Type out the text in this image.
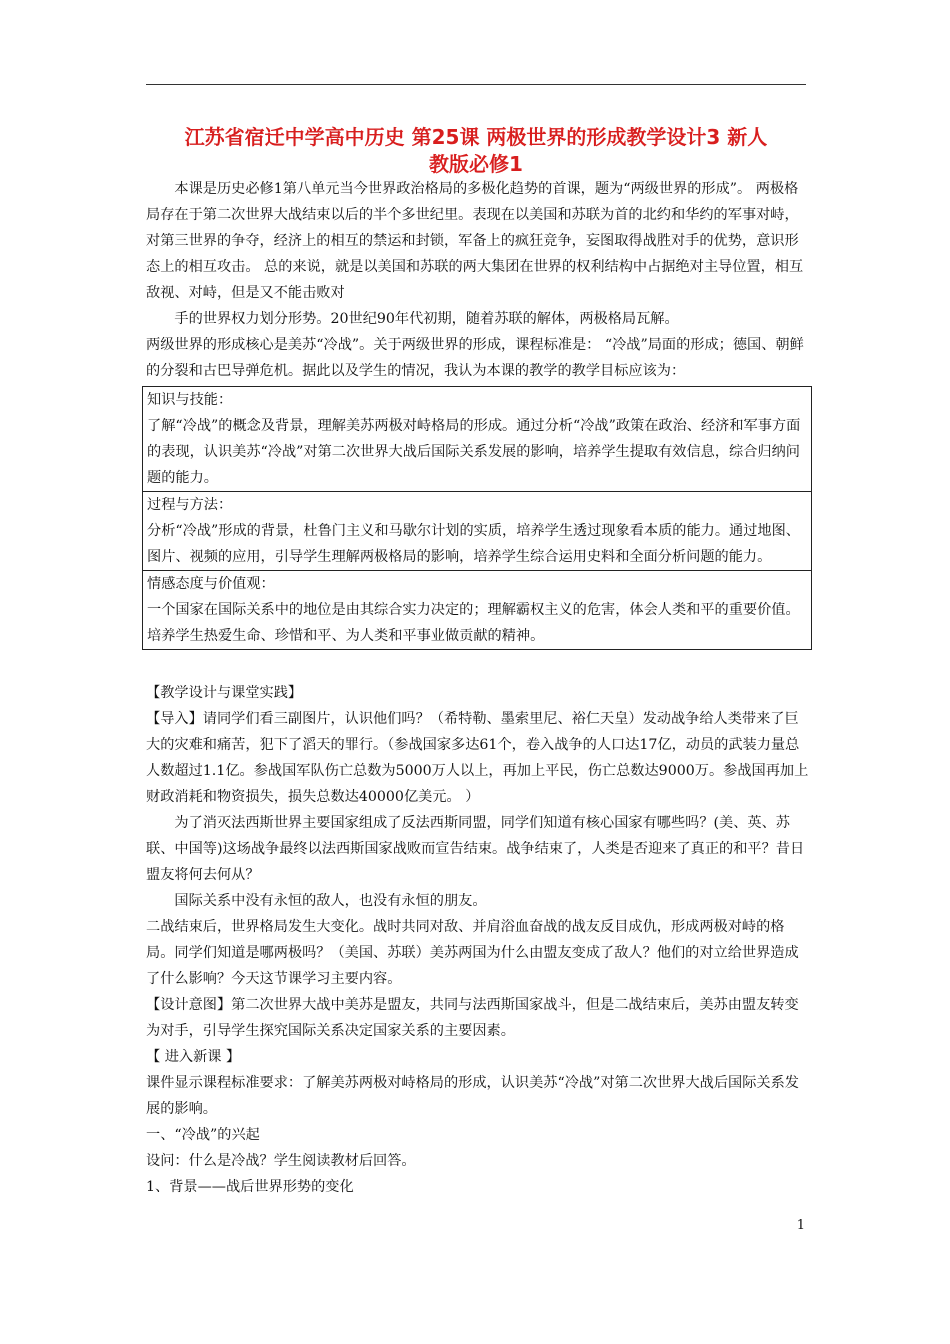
江苏省宿迁中学高中历史 第25课 两极世界的形成教学设计3 新人
教版必修1

本课是历史必修1第八单元当今世界政治格局的多极化趋势的首课，题为“两级世界的形成”。 两极格局存在于第二次世界大战结束以后的半个多世纪里。表现在以美国和苏联为首的北约和华约的军事对峙，对第三世界的争夺，经济上的相互的禁运和封锁，军备上的疯狂竞争，妄图取得战胜对手的优势，意识形态上的相互攻击。 总的来说，就是以美国和苏联的两大集团在世界的权利结构中占据绝对主导位置，相互敌视、对峙，但是又不能击败对

手的世界权力划分形势。20世纪90年代初期，随着苏联的解体，两极格局瓦解。

两级世界的形成核心是美苏“冷战”。关于两级世界的形成，课程标准是： “冷战”局面的形成；德国、朝鲜的分裂和古巴导弹危机。据此以及学生的情况，我认为本课的教学的教学目标应该为：

知识与技能：

了解“冷战”的概念及背景，理解美苏两极对峙格局的形成。通过分析“冷战”政策在政治、经济和军事方面的表现，认识美苏“冷战”对第二次世界大战后国际关系发展的影响，培养学生提取有效信息，综合归纳问题的能力。

过程与方法：

分析“冷战”形成的背景，杜鲁门主义和马歇尔计划的实质，培养学生透过现象看本质的能力。通过地图、图片、视频的应用，引导学生理解两极格局的影响，培养学生综合运用史料和全面分析问题的能力。

情感态度与价值观：

一个国家在国际关系中的地位是由其综合实力决定的；理解霸权主义的危害，体会人类和平的重要价值。培养学生热爱生命、珍惜和平、为人类和平事业做贡献的精神。

【教学设计与课堂实践】

【导入】请同学们看三副图片，认识他们吗？（希特勒、墨索里尼、裕仁天皇）发动战争给人类带来了巨大的灾难和痛苦，犯下了滔天的罪行。（参战国家多达61个，卷入战争的人口达17亿，动员的武装力量总人数超过1.1亿。参战国军队伤亡总数为5000万人以上，再加上平民，伤亡总数达9000万。参战国再加上财政消耗和物资损失，损失总数达40000亿美元。 ）

为了消灭法西斯世界主要国家组成了反法西斯同盟，同学们知道有核心国家有哪些吗？(美、英、苏联、中国等)这场战争最终以法西斯国家战败而宣告结束。战争结束了，人类是否迎来了真正的和平？昔日盟友将何去何从？

国际关系中没有永恒的敌人，也没有永恒的朋友。

二战结束后，世界格局发生大变化。战时共同对敌、并肩浴血奋战的战友反目成仇，形成两极对峙的格局。同学们知道是哪两极吗？（美国、苏联）美苏两国为什么由盟友变成了敌人？他们的对立给世界造成了什么影响？今天这节课学习主要内容。

【设计意图】第二次世界大战中美苏是盟友，共同与法西斯国家战斗，但是二战结束后，美苏由盟友转变为对手，引导学生探究国际关系决定国家关系的主要因素。

【 进入新课 】

课件显示课程标准要求：了解美苏两极对峙格局的形成，认识美苏“冷战”对第二次世界大战后国际关系发展的影响。

一、“冷战”的兴起

设问：什么是冷战？学生阅读教材后回答。

1、背景——战后世界形势的变化

1
